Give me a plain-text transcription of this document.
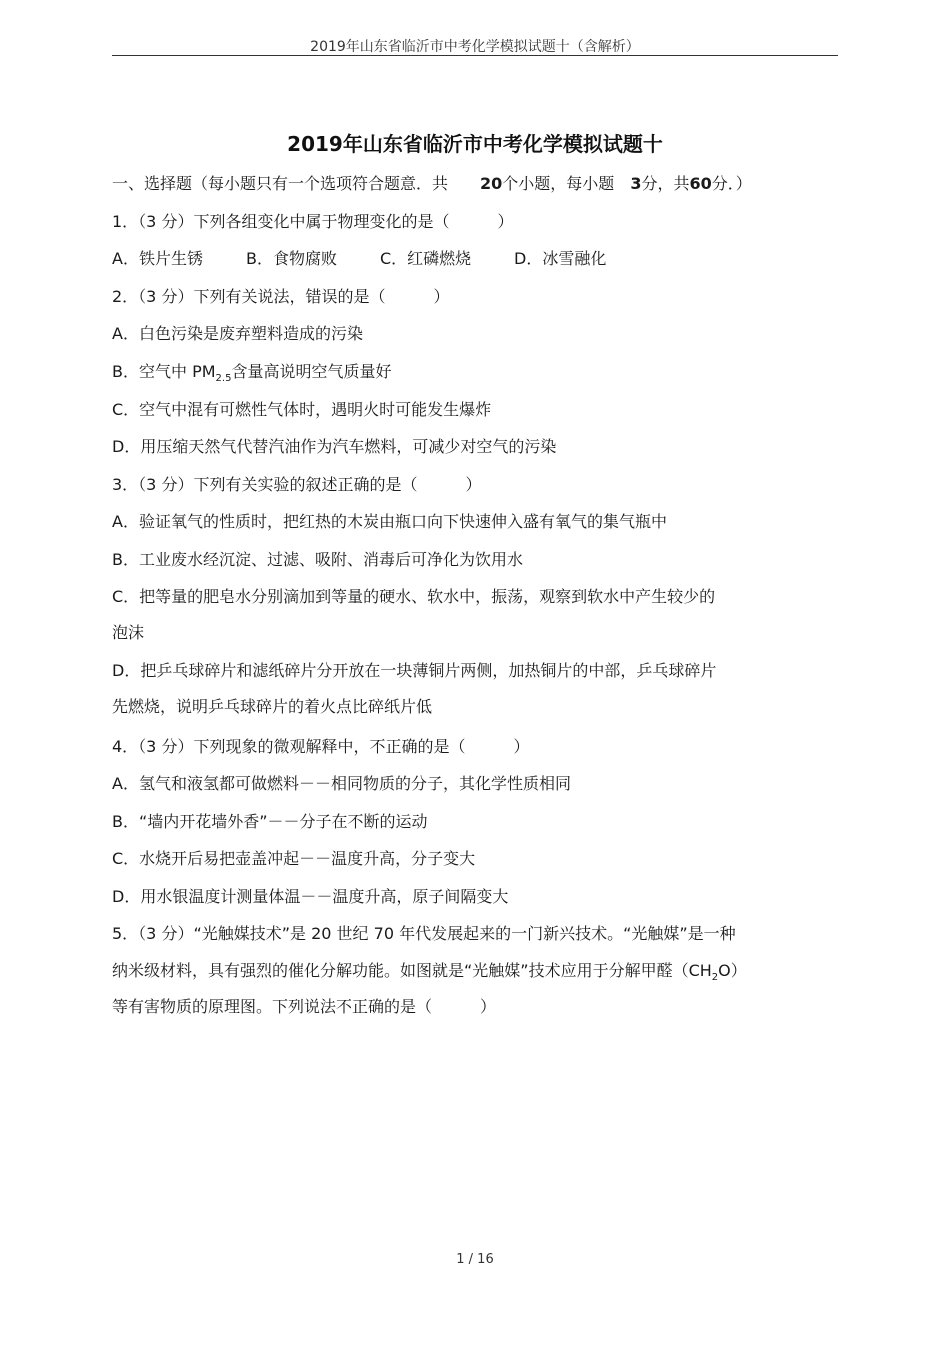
2019年山东省临沂市中考化学模拟试题十（含解析）
2019年山东省临沂市中考化学模拟试题十
一、选择题（每小题只有一个选项符合题意．共　　 20个小题，每小题　 3分，共60分．）
1．（3 分）下列各组变化中属于物理变化的是（　　　）
A．铁片生锈	B．食物腐败	C．红磷燃烧	D．冰雪融化
2．（3 分）下列有关说法，错误的是（　　　）
A．白色污染是废弃塑料造成的污染
B．空气中 $PM_{2.5}$含量高说明空气质量好
C．空气中混有可燃性气体时，遇明火时可能发生爆炸
D．用压缩天然气代替汽油作为汽车燃料，可减少对空气的污染
3．（3 分）下列有关实验的叙述正确的是（　　　）
A．验证氧气的性质时，把红热的木炭由瓶口向下快速伸入盛有氧气的集气瓶中
B．工业废水经沉淀、过滤、吸附、消毒后可净化为饮用水
C．把等量的肥皂水分别滴加到等量的硬水、软水中，振荡，观察到软水中产生较少的
泡沫
D．把乒乓球碎片和滤纸碎片分开放在一块薄铜片两侧，加热铜片的中部，乒乓球碎片
先燃烧，说明乒乓球碎片的着火点比碎纸片低
4．（3 分）下列现象的微观解释中，不正确的是（　　　）
A．氢气和液氢都可做燃料－－相同物质的分子，其化学性质相同
B．“墙内开花墙外香”－－分子在不断的运动
C．水烧开后易把壶盖冲起－－温度升高，分子变大
D．用水银温度计测量体温－－温度升高，原子间隔变大
5．（3 分）“光触媒技术”是 20 世纪 70 年代发展起来的一门新兴技术。“光触媒”是一种
纳米级材料，具有强烈的催化分解功能。如图就是“光触媒”技术应用于分解甲醛$(CH_2O)$
等有害物质的原理图。下列说法不正确的是（　　　）
1 / 16
